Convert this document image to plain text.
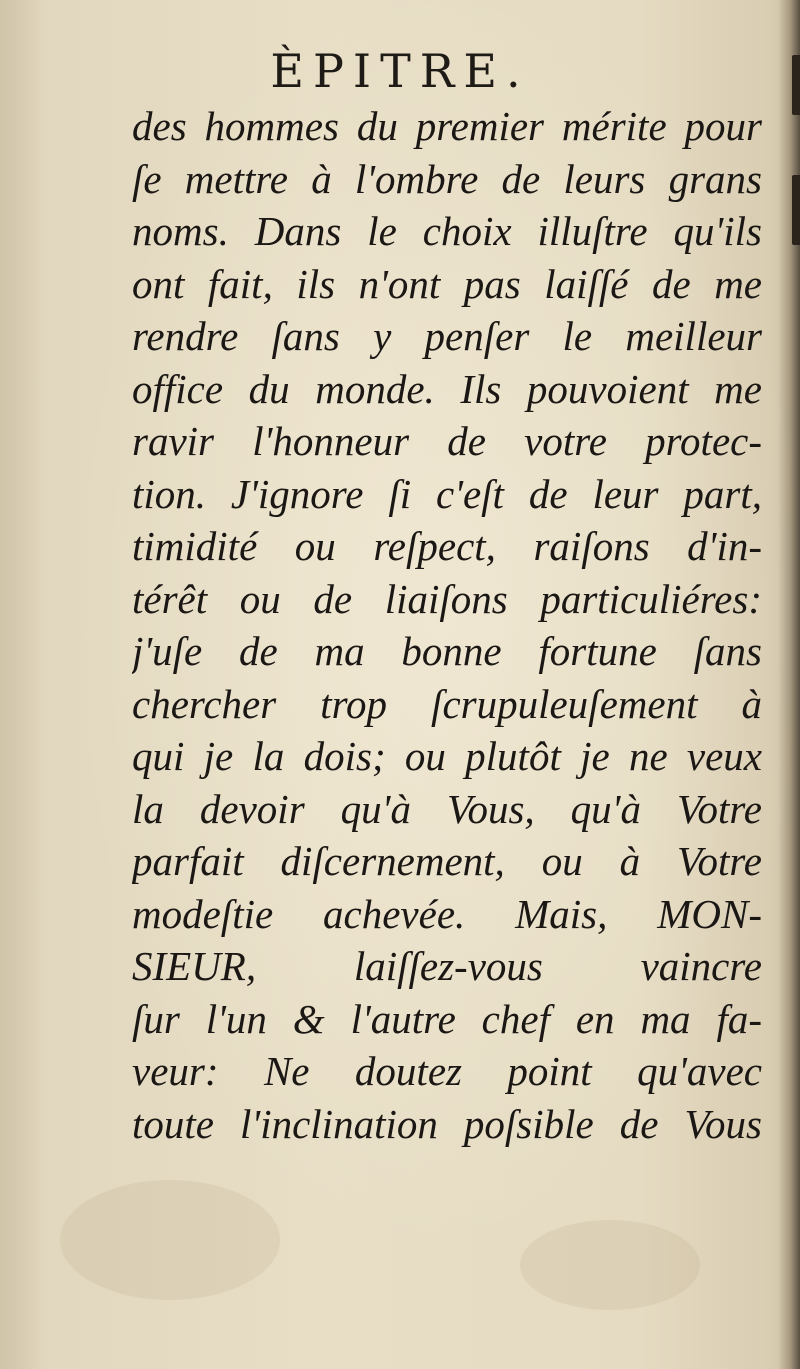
ÈPITRE.
des hommes du premier mérite pour
ſe mettre à l'ombre de leurs grans
noms. Dans le choix illuſtre qu'ils
ont fait, ils n'ont pas laiſſé de me
rendre ſans y penſer le meilleur
office du monde. Ils pouvoient me
ravir l'honneur de votre protec-
tion. J'ignore ſi c'eſt de leur part,
timidité ou reſpect, raiſons d'in-
térêt ou de liaiſons particuliéres:
j'uſe de ma bonne fortune ſans
chercher trop ſcrupuleuſement à
qui je la dois; ou plutôt je ne veux
la devoir qu'à Vous, qu'à Votre
parfait diſcernement, ou à Votre
modeſtie achevée. Mais, MON-
SIEUR, laiſſez-vous vaincre
ſur l'un & l'autre chef en ma fa-
veur: Ne doutez point qu'avec
toute l'inclination poſsible de Vous
